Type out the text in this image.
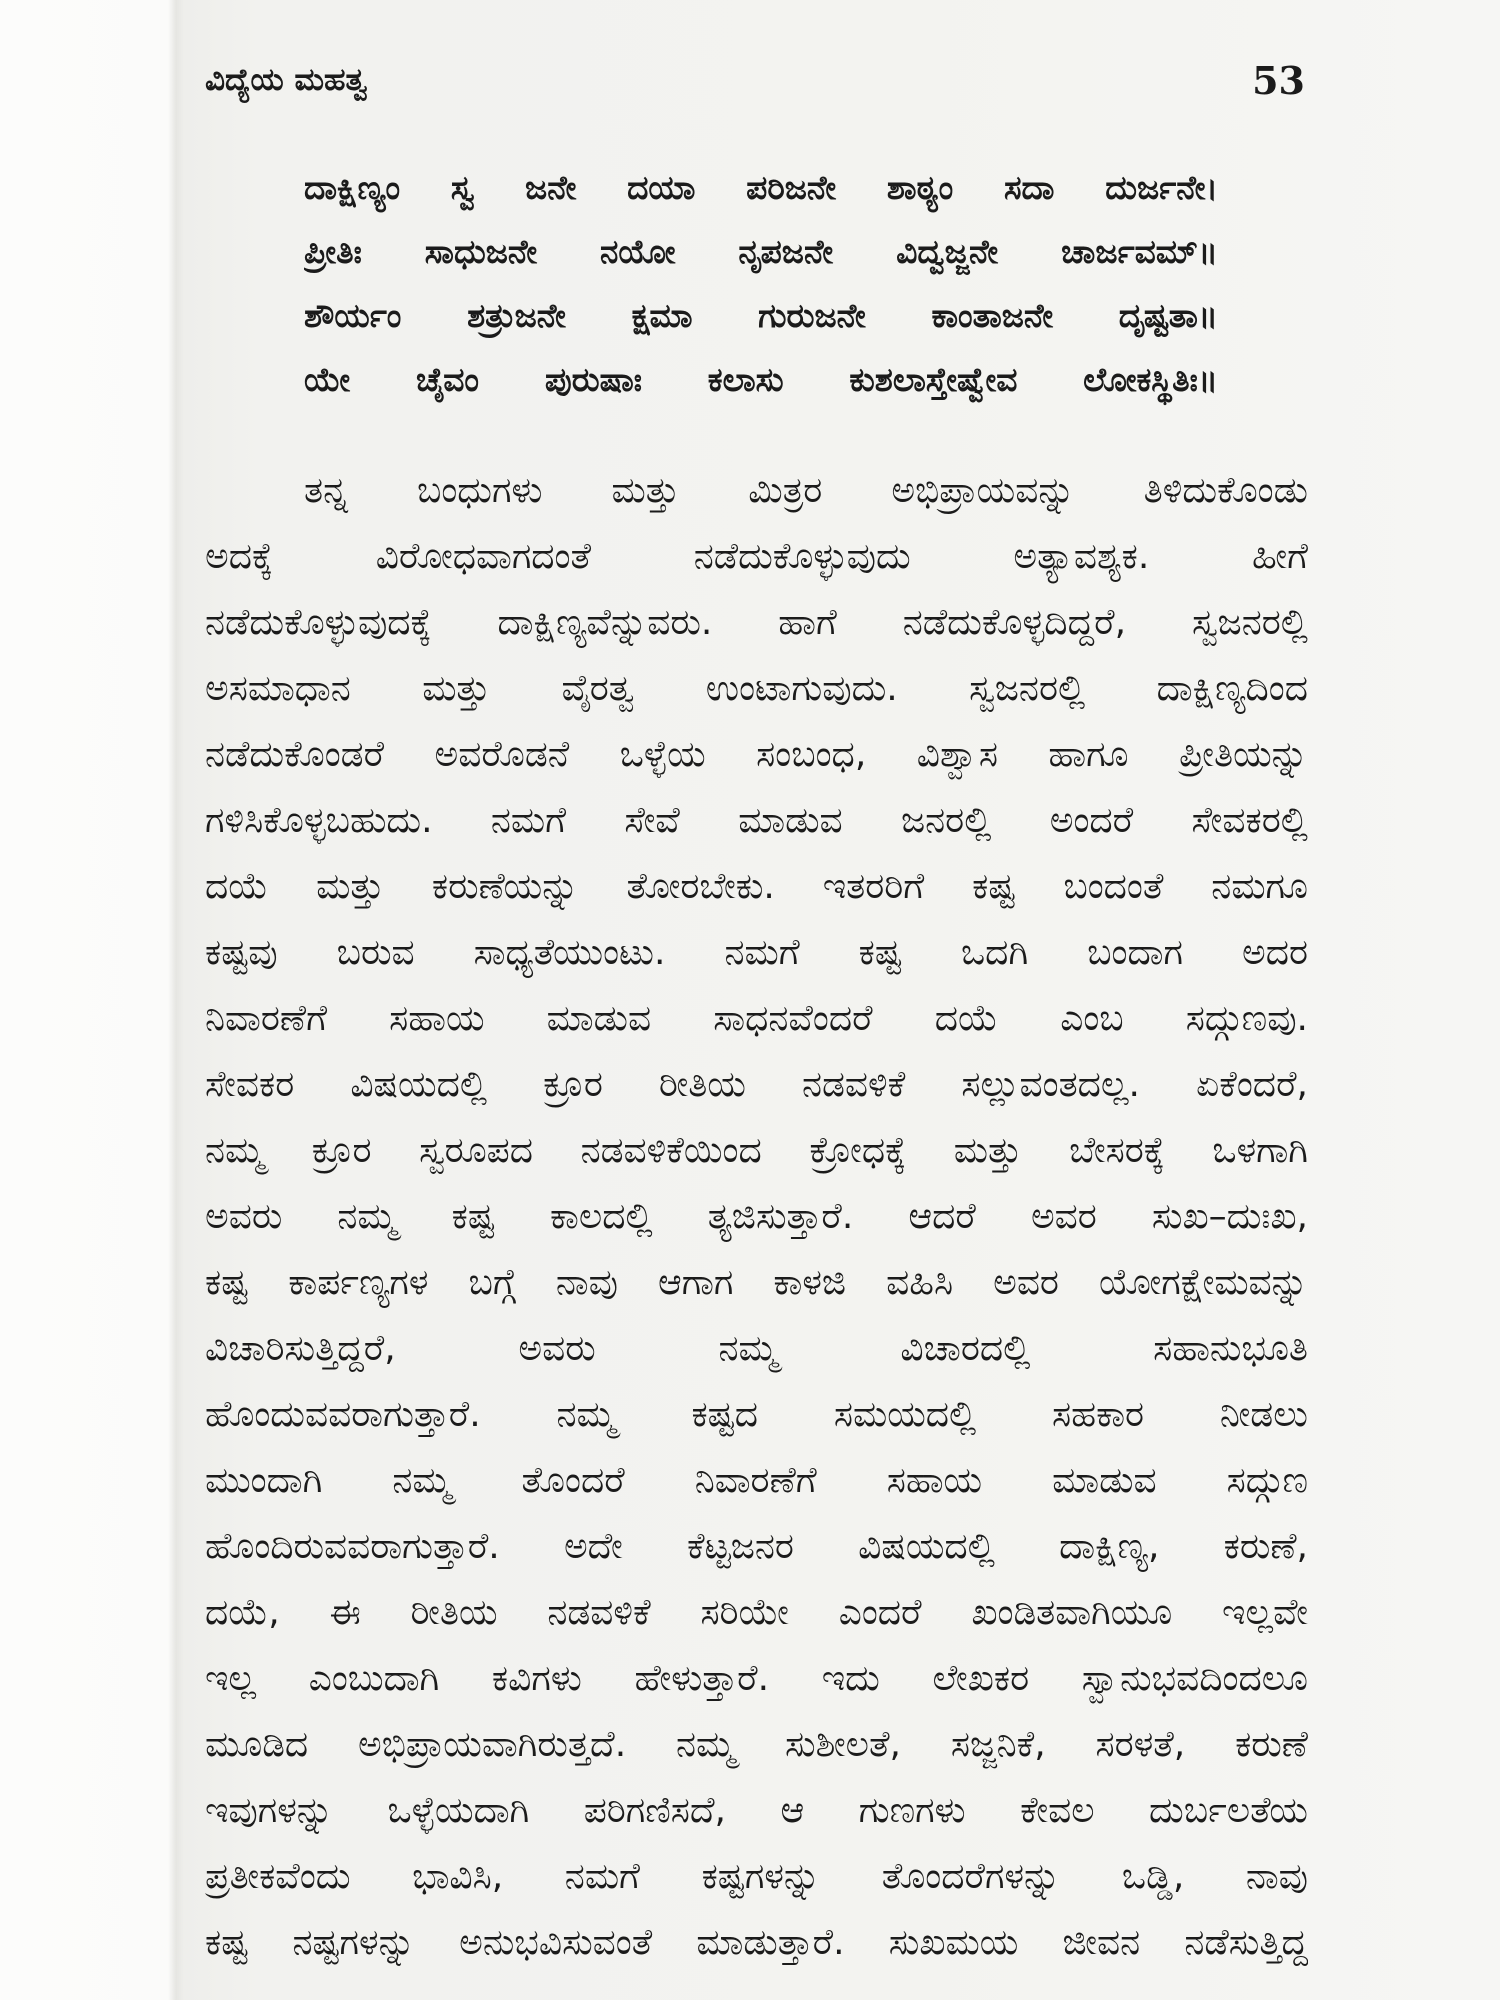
ವಿದ್ಯೆಯ ಮಹತ್ವ	53
ದಾಕ್ಷಿಣ್ಯಂ ಸ್ವ ಜನೇ ದಯಾ ಪರಿಜನೇ ಶಾಠ್ಯಂ ಸದಾ ದುರ್ಜನೇ।
ಪ್ರೀತಿಃ ಸಾಧುಜನೇ ನಯೋ ನೃಪಜನೇ ವಿದ್ವಜ್ಜನೇ ಚಾರ್ಜವಮ್॥
ಶೌರ್ಯಂ ಶತ್ರುಜನೇ ಕ್ಷಮಾ ಗುರುಜನೇ ಕಾಂತಾಜನೇ ದೃಷ್ಟತಾ॥
ಯೇ ಚೈವಂ ಪುರುಷಾಃ ಕಲಾಸು ಕುಶಲಾಸ್ತೇಷ್ವೇವ ಲೋಕಸ್ಥಿತಿಃ॥
ತನ್ನ ಬಂಧುಗಳು ಮತ್ತು ಮಿತ್ರರ ಅಭಿಪ್ರಾಯವನ್ನು ತಿಳಿದುಕೊಂಡು
ಅದಕ್ಕೆ ವಿರೋಧವಾಗದಂತೆ ನಡೆದುಕೊಳ್ಳುವುದು ಅತ್ಯಾವಶ್ಯಕ. ಹೀಗೆ
ನಡೆದುಕೊಳ್ಳುವುದಕ್ಕೆ ದಾಕ್ಷಿಣ್ಯವೆನ್ನುವರು. ಹಾಗೆ ನಡೆದುಕೊಳ್ಳದಿದ್ದರೆ, ಸ್ವಜನರಲ್ಲಿ
ಅಸಮಾಧಾನ ಮತ್ತು ವೈರತ್ವ ಉಂಟಾಗುವುದು. ಸ್ವಜನರಲ್ಲಿ ದಾಕ್ಷಿಣ್ಯದಿಂದ
ನಡೆದುಕೊಂಡರೆ ಅವರೊಡನೆ ಒಳ್ಳೆಯ ಸಂಬಂಧ, ವಿಶ್ವಾಸ ಹಾಗೂ ಪ್ರೀತಿಯನ್ನು
ಗಳಿಸಿಕೊಳ್ಳಬಹುದು. ನಮಗೆ ಸೇವೆ ಮಾಡುವ ಜನರಲ್ಲಿ ಅಂದರೆ ಸೇವಕರಲ್ಲಿ
ದಯೆ ಮತ್ತು ಕರುಣೆಯನ್ನು ತೋರಬೇಕು. ಇತರರಿಗೆ ಕಷ್ಟ ಬಂದಂತೆ ನಮಗೂ
ಕಷ್ಟವು ಬರುವ ಸಾಧ್ಯತೆಯುಂಟು. ನಮಗೆ ಕಷ್ಟ ಒದಗಿ ಬಂದಾಗ ಅದರ
ನಿವಾರಣೆಗೆ ಸಹಾಯ ಮಾಡುವ ಸಾಧನವೆಂದರೆ ದಯೆ ಎಂಬ ಸದ್ಗುಣವು.
ಸೇವಕರ ವಿಷಯದಲ್ಲಿ ಕ್ರೂರ ರೀತಿಯ ನಡವಳಿಕೆ ಸಲ್ಲುವಂತದಲ್ಲ. ಏಕೆಂದರೆ,
ನಮ್ಮ ಕ್ರೂರ ಸ್ವರೂಪದ ನಡವಳಿಕೆಯಿಂದ ಕ್ರೋಧಕ್ಕೆ ಮತ್ತು ಬೇಸರಕ್ಕೆ ಒಳಗಾಗಿ
ಅವರು ನಮ್ಮ ಕಷ್ಟ ಕಾಲದಲ್ಲಿ ತ್ಯಜಿಸುತ್ತಾರೆ. ಆದರೆ ಅವರ ಸುಖ–ದುಃಖ,
ಕಷ್ಟ ಕಾರ್ಪಣ್ಯಗಳ ಬಗ್ಗೆ ನಾವು ಆಗಾಗ ಕಾಳಜಿ ವಹಿಸಿ ಅವರ ಯೋಗಕ್ಷೇಮವನ್ನು
ವಿಚಾರಿಸುತ್ತಿದ್ದರೆ, ಅವರು ನಮ್ಮ ವಿಚಾರದಲ್ಲಿ ಸಹಾನುಭೂತಿ
ಹೊಂದುವವರಾಗುತ್ತಾರೆ. ನಮ್ಮ ಕಷ್ಟದ ಸಮಯದಲ್ಲಿ ಸಹಕಾರ ನೀಡಲು
ಮುಂದಾಗಿ ನಮ್ಮ ತೊಂದರೆ ನಿವಾರಣೆಗೆ ಸಹಾಯ ಮಾಡುವ ಸದ್ಗುಣ
ಹೊಂದಿರುವವರಾಗುತ್ತಾರೆ. ಅದೇ ಕೆಟ್ಟಜನರ ವಿಷಯದಲ್ಲಿ ದಾಕ್ಷಿಣ್ಯ, ಕರುಣೆ,
ದಯೆ, ಈ ರೀತಿಯ ನಡವಳಿಕೆ ಸರಿಯೇ ಎಂದರೆ ಖಂಡಿತವಾಗಿಯೂ ಇಲ್ಲವೇ
ಇಲ್ಲ ಎಂಬುದಾಗಿ ಕವಿಗಳು ಹೇಳುತ್ತಾರೆ. ಇದು ಲೇಖಕರ ಸ್ವಾನುಭವದಿಂದಲೂ
ಮೂಡಿದ ಅಭಿಪ್ರಾಯವಾಗಿರುತ್ತದೆ. ನಮ್ಮ ಸುಶೀಲತೆ, ಸಜ್ಜನಿಕೆ, ಸರಳತೆ, ಕರುಣೆ
ಇವುಗಳನ್ನು ಒಳ್ಳೆಯದಾಗಿ ಪರಿಗಣಿಸದೆ, ಆ ಗುಣಗಳು ಕೇವಲ ದುರ್ಬಲತೆಯ
ಪ್ರತೀಕವೆಂದು ಭಾವಿಸಿ, ನಮಗೆ ಕಷ್ಟಗಳನ್ನು ತೊಂದರೆಗಳನ್ನು ಒಡ್ಡಿ, ನಾವು
ಕಷ್ಟ ನಷ್ಟಗಳನ್ನು ಅನುಭವಿಸುವಂತೆ ಮಾಡುತ್ತಾರೆ. ಸುಖಮಯ ಜೀವನ ನಡೆಸುತ್ತಿದ್ದ
